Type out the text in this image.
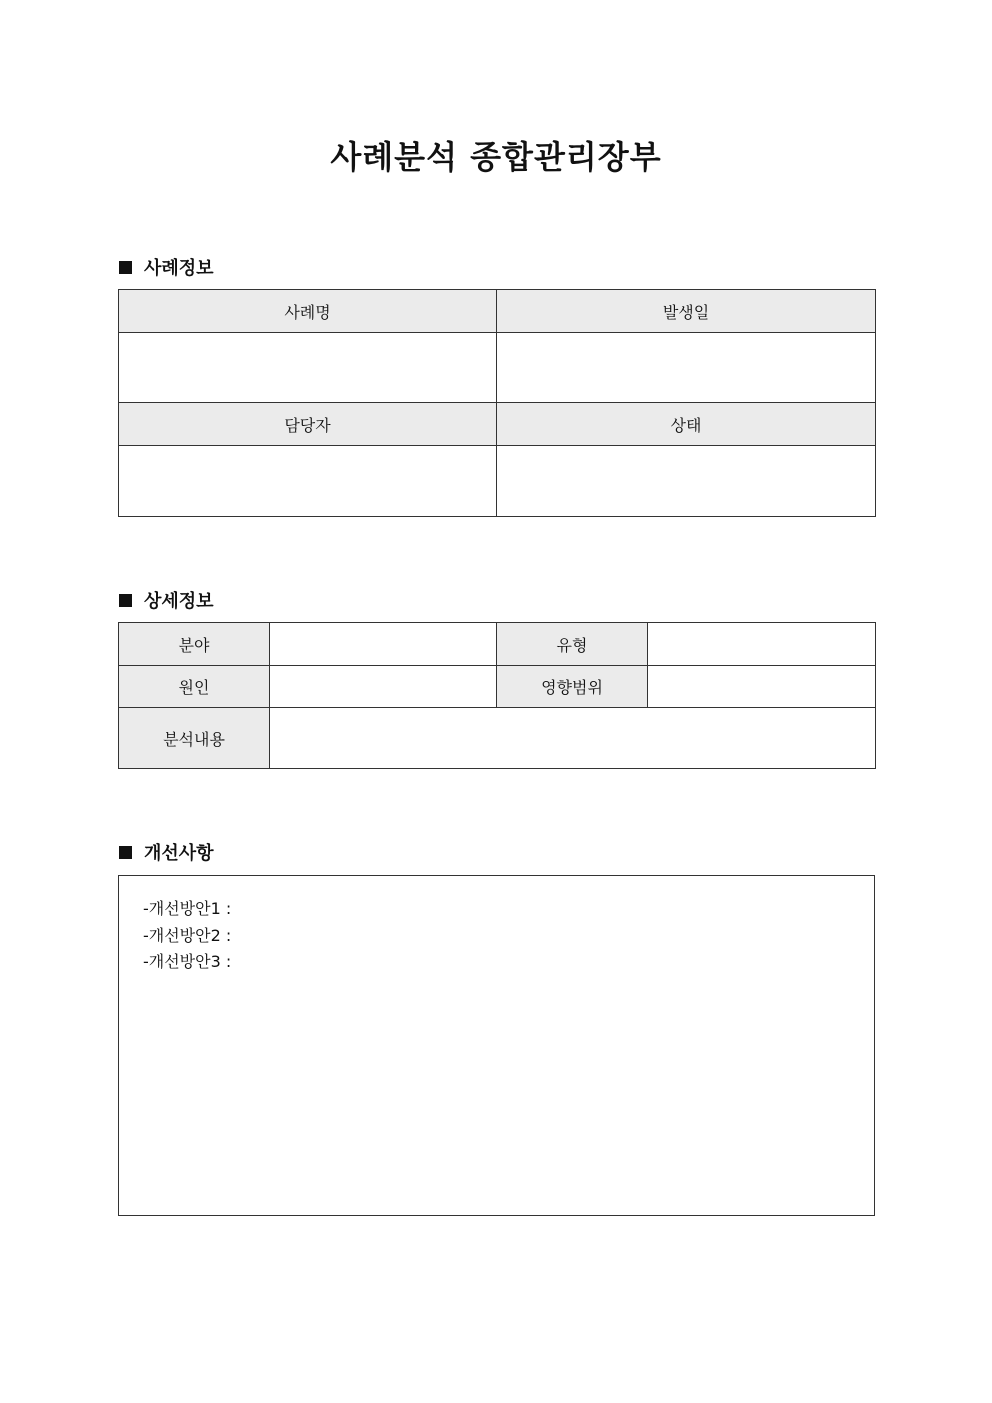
사례분석 종합관리장부
사례정보
사례명	발생일

담당자	상태

상세정보
분야		유형	
원인		영향범위	
분석내용			
개선사항
-개선방안1 :
-개선방안2 :
-개선방안3 :
